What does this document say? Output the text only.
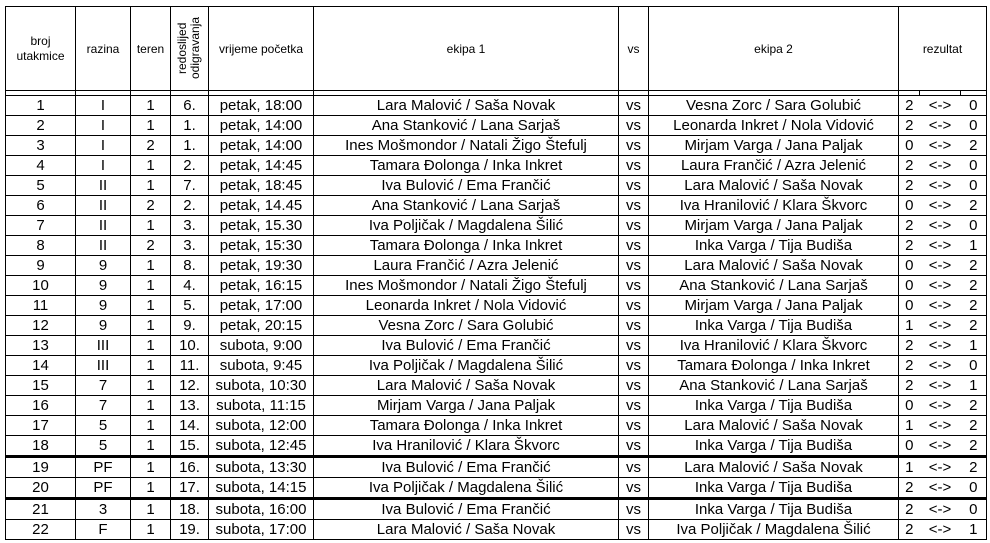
broj utakmice	razina	teren	redoslijed odigravanja	vrijeme početka	ekipa 1	vs	ekipa 2	rezultat		

1	I	1	6.	petak, 18:00	Lara Malović / Saša Novak	vs	Vesna Zorc / Sara Golubić	2	<->	0
2	I	1	1.	petak, 14:00	Ana Stanković / Lana Sarjaš	vs	Leonarda Inkret / Nola Vidović	2	<->	0
3	I	2	1.	petak, 14:00	Ines Mošmondor / Natali Žigo Štefulj	vs	Mirjam Varga / Jana Paljak	0	<->	2
4	I	1	2.	petak, 14:45	Tamara Đolonga / Inka Inkret	vs	Laura Frančić / Azra Jelenić	2	<->	0
5	II	1	7.	petak, 18:45	Iva Bulović / Ema Frančić	vs	Lara Malović / Saša Novak	2	<->	0
6	II	2	2.	petak, 14.45	Ana Stanković / Lana Sarjaš	vs	Iva Hranilović / Klara Škvorc	0	<->	2
7	II	1	3.	petak, 15.30	Iva Poljičak / Magdalena Šilić	vs	Mirjam Varga / Jana Paljak	2	<->	0
8	II	2	3.	petak, 15:30	Tamara Đolonga / Inka Inkret	vs	Inka Varga / Tija Budiša	2	<->	1
9	9	1	8.	petak, 19:30	Laura Frančić / Azra Jelenić	vs	Lara Malović / Saša Novak	0	<->	2
10	9	1	4.	petak, 16:15	Ines Mošmondor / Natali Žigo Štefulj	vs	Ana Stanković / Lana Sarjaš	0	<->	2
11	9	1	5.	petak, 17:00	Leonarda Inkret / Nola Vidović	vs	Mirjam Varga / Jana Paljak	0	<->	2
12	9	1	9.	petak, 20:15	Vesna Zorc / Sara Golubić	vs	Inka Varga / Tija Budiša	1	<->	2
13	III	1	10.	subota, 9:00	Iva Bulović / Ema Frančić	vs	Iva Hranilović / Klara Škvorc	2	<->	1
14	III	1	11.	subota, 9:45	Iva Poljičak / Magdalena Šilić	vs	Tamara Đolonga / Inka Inkret	2	<->	0
15	7	1	12.	subota, 10:30	Lara Malović / Saša Novak	vs	Ana Stanković / Lana Sarjaš	2	<->	1
16	7	1	13.	subota, 11:15	Mirjam Varga / Jana Paljak	vs	Inka Varga / Tija Budiša	0	<->	2
17	5	1	14.	subota, 12:00	Tamara Đolonga / Inka Inkret	vs	Lara Malović / Saša Novak	1	<->	2
18	5	1	15.	subota, 12:45	Iva Hranilović / Klara Škvorc	vs	Inka Varga / Tija Budiša	0	<->	2
19	PF	1	16.	subota, 13:30	Iva Bulović / Ema Frančić	vs	Lara Malović / Saša Novak	1	<->	2
20	PF	1	17.	subota, 14:15	Iva Poljičak / Magdalena Šilić	vs	Inka Varga / Tija Budiša	2	<->	0
21	3	1	18.	subota, 16:00	Iva Bulović / Ema Frančić	vs	Inka Varga / Tija Budiša	2	<->	0
22	F	1	19.	subota, 17:00	Lara Malović / Saša Novak	vs	Iva Poljičak / Magdalena Šilić	2	<->	1
